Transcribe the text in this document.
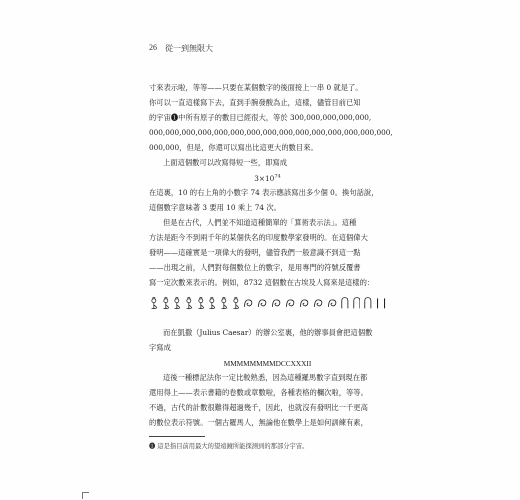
26 從一到無限大
寸來表示啦，等等——只要在某個數字的後面接上一串 0 就是了。
你可以一直這樣寫下去，直到手腕發酸為止，這樣，儘管目前已知
的宇宙❶中所有原子的數目已經很大，等於 300,000,000,000,000,
000,000,000,000,000,000,000,000,000,000,000,000,000,000,000,
000,000，但是，你還可以寫出比這更大的數目來。
上面這個數可以改寫得短一些，即寫成
$3\times 10^{74}$
在這裏，10 的右上角的小數字 74 表示應該寫出多少個 0。換句話說，
這個數字意味著 3 要用 10 乘上 74 次。
但是在古代，人們並不知道這種簡單的「算術表示法」。這種
方法是距今不到兩千年的某個佚名的印度數學家發明的。在這個偉大
發明——這確實是一項偉大的發明，儘管我們一般意識不到這一點
——出現之前，人們對每個數位上的數字，是用專門的符號反覆書
寫一定次數來表示的。例如，8732 這個數在古埃及人寫來是這樣的：
而在凱撒（Julius Caesar）的辦公室裏，他的辦事員會把這個數
字寫成
MMMMMMMMDCCXXXII
這後一種標記法你一定比較熟悉，因為這種羅馬數字直到現在都
還用得上——表示書籍的卷數或章數啦，各種表格的欄次啦，等等。
不過，古代的計數很難得超過幾千，因此，也就沒有發明比一千更高
的數位表示符號。一個古羅馬人，無論他在數學上是如何訓練有素，
❶ 這是指目前用最大的望遠鏡所能探測到的那部分宇宙。
